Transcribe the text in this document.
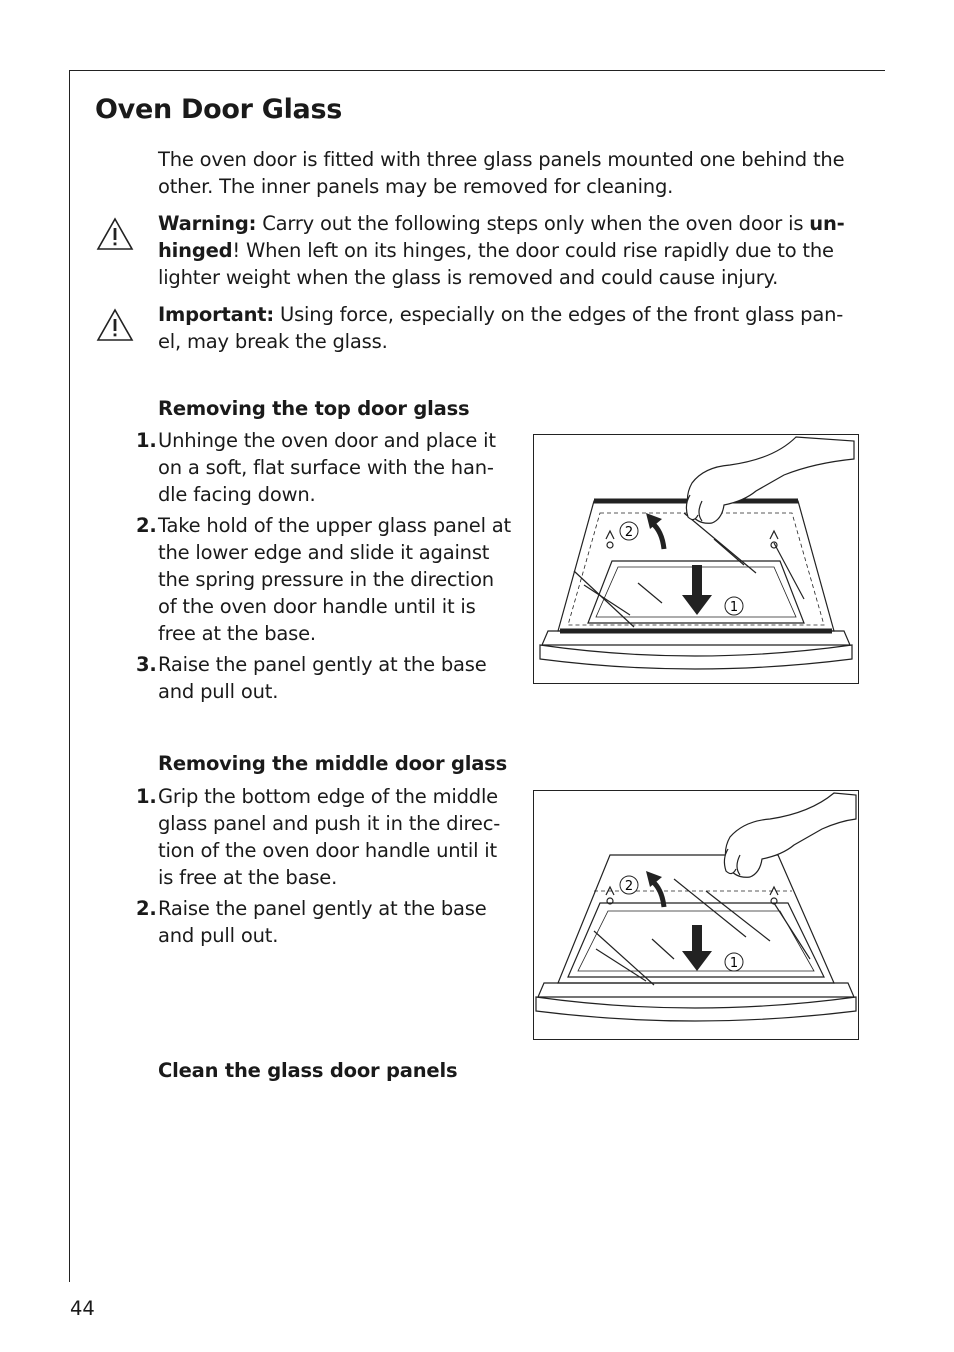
Oven Door Glass

The oven door is fitted with three glass panels mounted one behind the other. The inner panels may be removed for cleaning.

Warning: Carry out the following steps only when the oven door is un-hinged! When left on its hinges, the door could rise rapidly due to the lighter weight when the glass is removed and could cause injury.

Important: Using force, especially on the edges of the front glass pan-el, may break the glass.

Removing the top door glass
1. Unhinge the oven door and place it on a soft, flat surface with the han-dle facing down.
2. Take hold of the upper glass panel at the lower edge and slide it against the spring pressure in the direction of the oven door handle until it is free at the base.
3. Raise the panel gently at the base and pull out.
2
1
Removing the middle door glass
1. Grip the bottom edge of the middle glass panel and push it in the direc-tion of the oven door handle until it is free at the base.
2. Raise the panel gently at the base and pull out.
2
1
Clean the glass door panels
44
